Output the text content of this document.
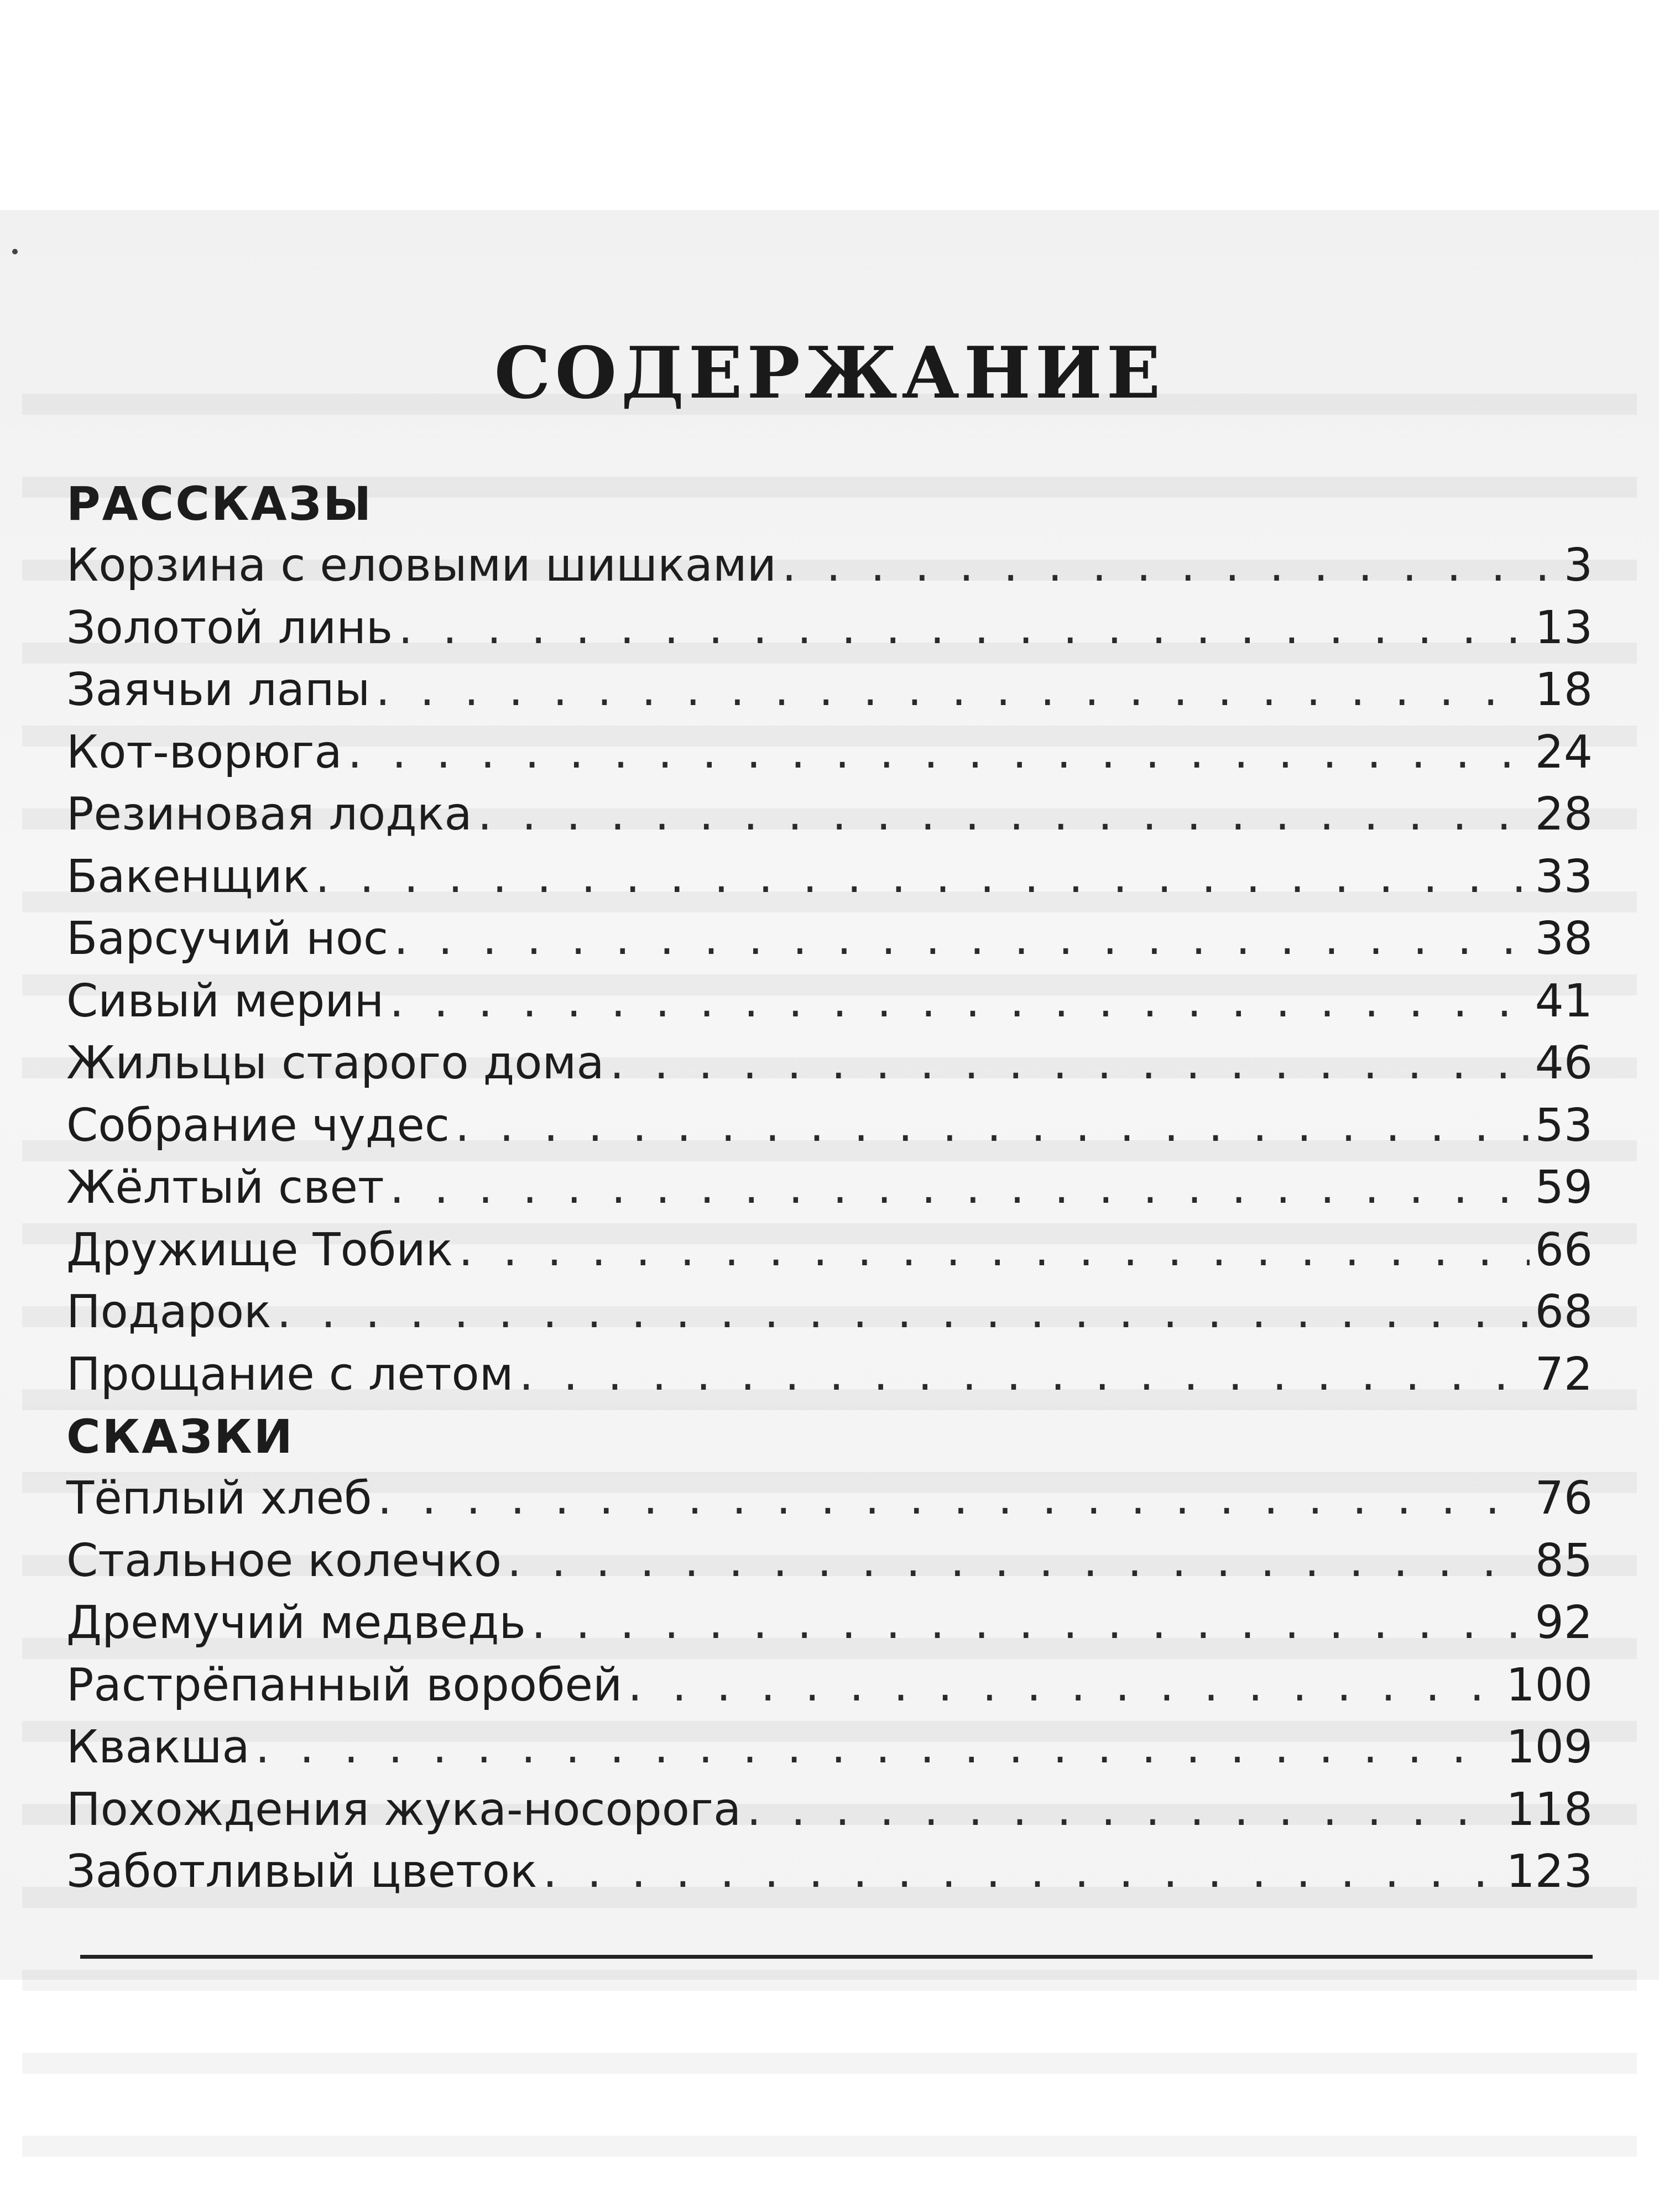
СОДЕРЖАНИЕ
РАССКАЗЫ
Корзина с еловыми шишками . . .	3
Золотой линь . . .	13
Заячьи лапы . . .	18
Кот-ворюга . . .	24
Резиновая лодка . . .	28
Бакенщик . . .	33
Барсучий нос . . .	38
Сивый мерин . . .	41
Жильцы старого дома . . .	46
Собрание чудес . . .	53
Жёлтый свет . . .	59
Дружище Тобик . . .	66
Подарок . . .	68
Прощание с летом . . .	72
СКАЗКИ
Тёплый хлеб . . .	76
Стальное колечко . . .	85
Дремучий медведь . . .	92
Растрёпанный воробей . . .	100
Квакша . . .	109
Похождения жука-носорога . . .	118
Заботливый цветок . . .	123
